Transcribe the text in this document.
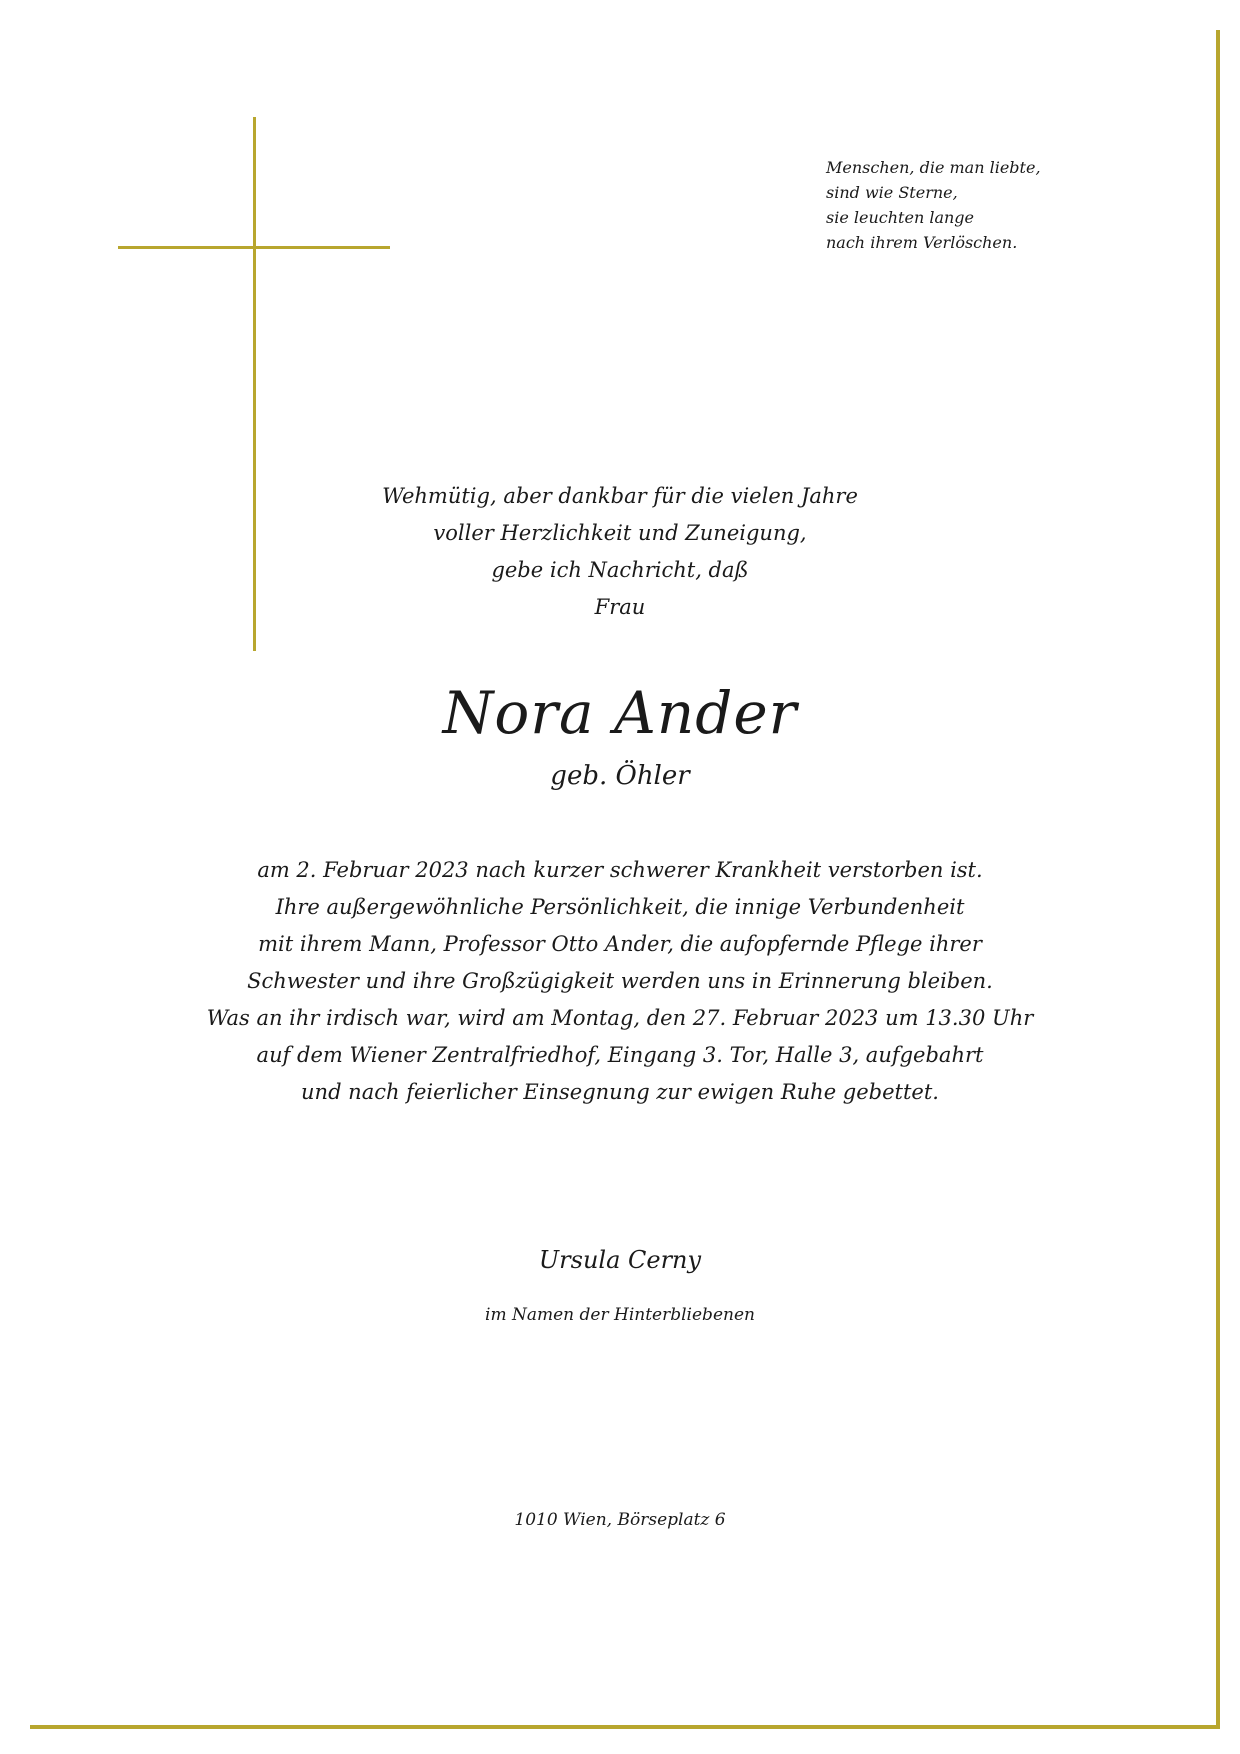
Menschen, die man liebte,
sind wie Sterne,
sie leuchten lange
nach ihrem Verlöschen.
Wehmütig, aber dankbar für die vielen Jahre
voller Herzlichkeit und Zuneigung,
gebe ich Nachricht, daß
Frau
Nora Ander
geb. Öhler

am 2. Februar 2023 nach kurzer schwerer Krankheit verstorben ist.

Ihre außergewöhnliche Persönlichkeit, die innige Verbundenheit
mit ihrem Mann, Professor Otto Ander, die aufopfernde Pflege ihrer
Schwester und ihre Großzügigkeit werden uns in Erinnerung bleiben.

Was an ihr irdisch war, wird am Montag, den 27. Februar 2023 um 13.30 Uhr
auf dem Wiener Zentralfriedhof, Eingang 3. Tor, Halle 3, aufgebahrt
und nach feierlicher Einsegnung zur ewigen Ruhe gebettet.

Ursula Cerny
im Namen der Hinterbliebenen
1010 Wien, Börseplatz 6
